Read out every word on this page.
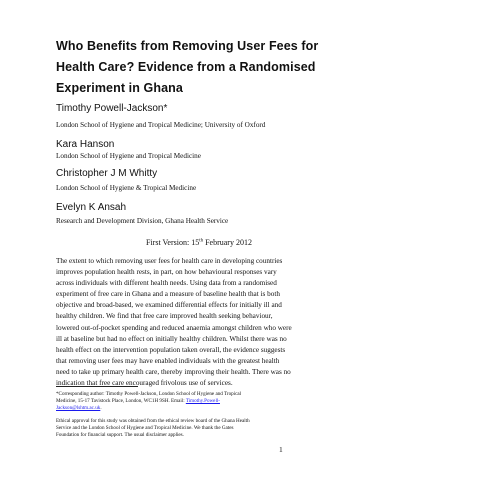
Who Benefits from Removing User Fees for
Health Care? Evidence from a Randomised
Experiment in Ghana
Timothy Powell-Jackson*
London School of Hygiene and Tropical Medicine; University of Oxford
Kara Hanson
London School of Hygiene and Tropical Medicine
Christopher J M Whitty
London School of Hygiene & Tropical Medicine
Evelyn K Ansah
Research and Development Division, Ghana Health Service
First Version: 15th February 2012
The extent to which removing user fees for health care in developing countries
improves population health rests, in part, on how behavioural responses vary
across individuals with different health needs. Using data from a randomised
experiment of free care in Ghana and a measure of baseline health that is both
objective and broad-based, we examined differential effects for initially ill and
healthy children. We find that free care improved health seeking behaviour,
lowered out-of-pocket spending and reduced anaemia amongst children who were
ill at baseline but had no effect on initially healthy children. Whilst there was no
health effect on the intervention population taken overall, the evidence suggests
that removing user fees may have enabled individuals with the greatest health
need to take up primary health care, thereby improving their health. There was no
indication that free care encouraged frivolous use of services.
*Corresponding author: Timothy Powell-Jackson, London School of Hygiene and Tropical
Medicine, 15-17 Tavistock Place, London, WC1H 9SH. Email: Timothy.Powell-
Jackson@lshtm.ac.uk.
Ethical approval for this study was obtained from the ethical review board of the Ghana Health
Service and the London School of Hygiene and Tropical Medicine. We thank the Gates
Foundation for financial support. The usual disclaimer applies.
1
